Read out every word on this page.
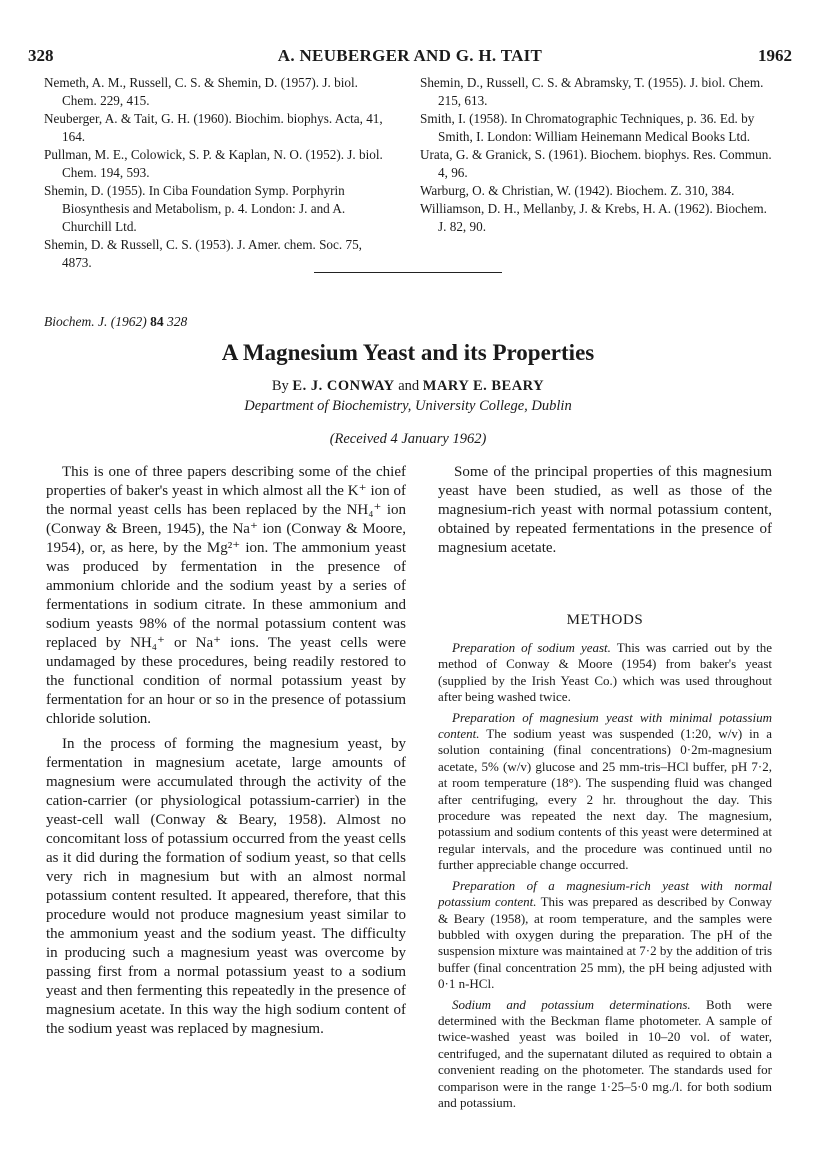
328	A. NEUBERGER AND G. H. TAIT	1962

Nemeth, A. M., Russell, C. S. & Shemin, D. (1957). J. biol. Chem. 229, 415.

Neuberger, A. & Tait, G. H. (1960). Biochim. biophys. Acta, 41, 164.

Pullman, M. E., Colowick, S. P. & Kaplan, N. O. (1952). J. biol. Chem. 194, 593.

Shemin, D. (1955). In Ciba Foundation Symp. Porphyrin Biosynthesis and Metabolism, p. 4. London: J. and A. Churchill Ltd.

Shemin, D. & Russell, C. S. (1953). J. Amer. chem. Soc. 75, 4873.

Shemin, D., Russell, C. S. & Abramsky, T. (1955). J. biol. Chem. 215, 613.

Smith, I. (1958). In Chromatographic Techniques, p. 36. Ed. by Smith, I. London: William Heinemann Medical Books Ltd.

Urata, G. & Granick, S. (1961). Biochem. biophys. Res. Commun. 4, 96.

Warburg, O. & Christian, W. (1942). Biochem. Z. 310, 384.

Williamson, D. H., Mellanby, J. & Krebs, H. A. (1962). Biochem. J. 82, 90.

Biochem. J. (1962) 84 328
A Magnesium Yeast and its Properties
By E. J. CONWAY and MARY E. BEARY
Department of Biochemistry, University College, Dublin
(Received 4 January 1962)

This is one of three papers describing some of the chief properties of baker's yeast in which almost all the K⁺ ion of the normal yeast cells has been replaced by the NH₄⁺ ion (Conway & Breen, 1945), the Na⁺ ion (Conway & Moore, 1954), or, as here, by the Mg²⁺ ion. The ammonium yeast was produced by fermentation in the presence of ammonium chloride and the sodium yeast by a series of fermentations in sodium citrate. In these ammonium and sodium yeasts 98% of the normal potassium content was replaced by NH₄⁺ or Na⁺ ions. The yeast cells were undamaged by these procedures, being readily restored to the functional condition of normal potassium yeast by fermentation for an hour or so in the presence of potassium chloride solution.

In the process of forming the magnesium yeast, by fermentation in magnesium acetate, large amounts of magnesium were accumulated through the activity of the cation-carrier (or physiological potassium-carrier) in the yeast-cell wall (Conway & Beary, 1958). Almost no concomitant loss of potassium occurred from the yeast cells as it did during the formation of sodium yeast, so that cells very rich in magnesium but with an almost normal potassium content resulted. It appeared, therefore, that this procedure would not produce magnesium yeast similar to the ammonium yeast and the sodium yeast. The difficulty in producing such a magnesium yeast was overcome by passing first from a normal potassium yeast to a sodium yeast and then fermenting this repeatedly in the presence of magnesium acetate. In this way the high sodium content of the sodium yeast was replaced by magnesium.

Some of the principal properties of this magnesium yeast have been studied, as well as those of the magnesium-rich yeast with normal potassium content, obtained by repeated fermentations in the presence of magnesium acetate.

METHODS

Preparation of sodium yeast. This was carried out by the method of Conway & Moore (1954) from baker's yeast (supplied by the Irish Yeast Co.) which was used throughout after being washed twice.

Preparation of magnesium yeast with minimal potassium content. The sodium yeast was suspended (1:20, w/v) in a solution containing (final concentrations) 0·2m-magnesium acetate, 5% (w/v) glucose and 25 mm-tris–HCl buffer, pH 7·2, at room temperature (18°). The suspending fluid was changed after centrifuging, every 2 hr. throughout the day. This procedure was repeated the next day. The magnesium, potassium and sodium contents of this yeast were determined at regular intervals, and the procedure was continued until no further appreciable change occurred.

Preparation of a magnesium-rich yeast with normal potassium content. This was prepared as described by Conway & Beary (1958), at room temperature, and the samples were bubbled with oxygen during the preparation. The pH of the suspension mixture was maintained at 7·2 by the addition of tris buffer (final concentration 25 mm), the pH being adjusted with 0·1 n-HCl.

Sodium and potassium determinations. Both were determined with the Beckman flame photometer. A sample of twice-washed yeast was boiled in 10–20 vol. of water, centrifuged, and the supernatant diluted as required to obtain a convenient reading on the photometer. The standards used for comparison were in the range 1·25–5·0 mg./l. for both sodium and potassium.
